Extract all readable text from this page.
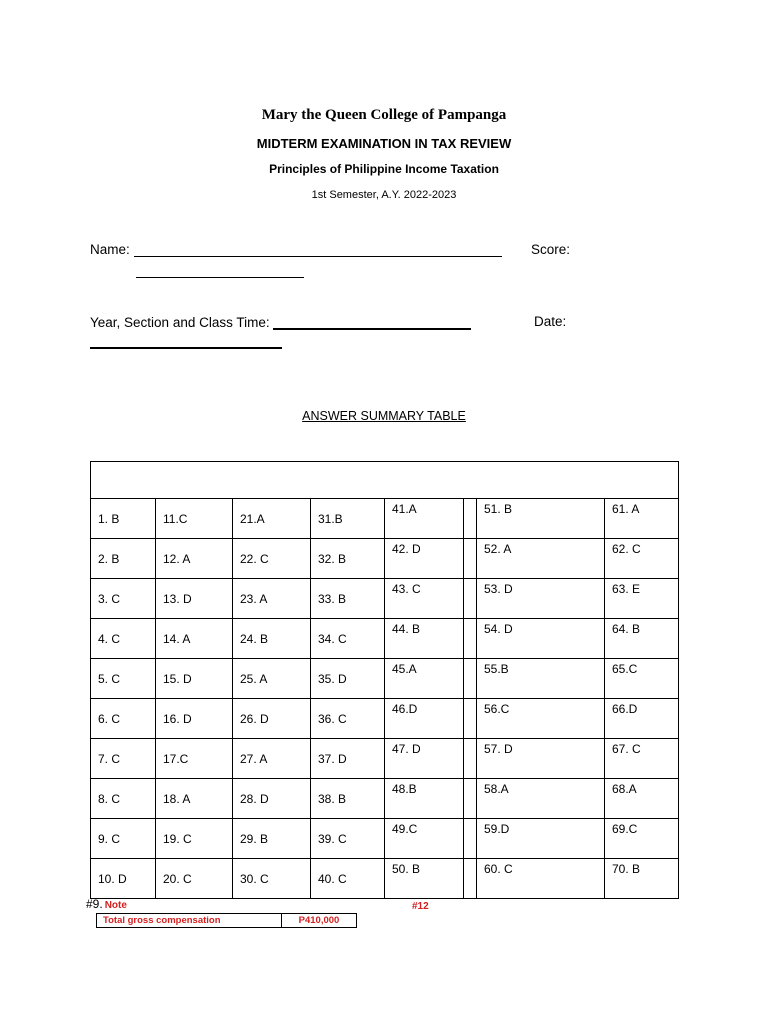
Mary the Queen College of Pampanga
MIDTERM EXAMINATION IN TAX REVIEW
Principles of Philippine Income Taxation
1st Semester, A.Y. 2022-2023
Name:	Score:
Year, Section and Class Time:	Date:
ANSWER SUMMARY TABLE

1. B	11.C	21.A	31.B	41.A		51. B	61. A
2. B	12. A	22. C	32. B	42. D		52. A	62. C
3. C	13. D	23. A	33. B	43. C		53. D	63. E
4. C	14. A	24. B	34. C	44. B		54. D	64. B
5. C	15. D	25. A	35. D	45.A		55.B	65.C
6. C	16. D	26. D	36. C	46.D		56.C	66.D
7. C	17.C	27. A	37. D	47. D		57. D	67. C
8. C	18. A	28. D	38. B	48.B		58.A	68.A
9. C	19. C	29. B	39. C	49.C		59.D	69.C
10. D	20. C	30. C	40. C	50. B		60. C	70. B
#9. Note	#12
Total gross compensation	P410,000
